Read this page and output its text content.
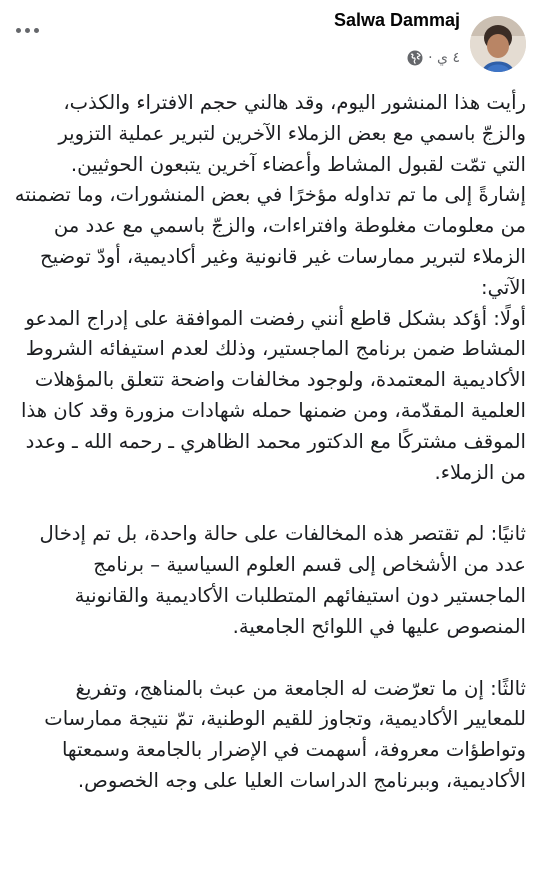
Salwa Dammaj
٤ ي ·

رأيت هذا المنشور اليوم، وقد هالني حجم الافتراء والكذب،

والزجّ باسمي مع بعض الزملاء الآخرين لتبرير عملية التزوير

التي تمّت لقبول المشاط وأعضاء آخرين يتبعون الحوثيين.

إشارةً إلى ما تم تداوله مؤخرًا في بعض المنشورات، وما تضمنته

من معلومات مغلوطة وافتراءات، والزجّ باسمي مع عدد من

الزملاء لتبرير ممارسات غير قانونية وغير أكاديمية، أودّ توضيح

الآتي:

أولًا: أؤكد بشكل قاطع أنني رفضت الموافقة على إدراج المدعو

المشاط ضمن برنامج الماجستير، وذلك لعدم استيفائه الشروط

الأكاديمية المعتمدة، ولوجود مخالفات واضحة تتعلق بالمؤهلات

العلمية المقدّمة، ومن ضمنها حمله شهادات مزورة وقد كان هذا

الموقف مشتركًا مع الدكتور محمد الظاهري ـ رحمه الله ـ وعدد

من الزملاء.

ثانيًا: لم تقتصر هذه المخالفات على حالة واحدة، بل تم إدخال

عدد من الأشخاص إلى قسم العلوم السياسية – برنامج

الماجستير دون استيفائهم المتطلبات الأكاديمية والقانونية

المنصوص عليها في اللوائح الجامعية.

ثالثًا: إن ما تعرّضت له الجامعة من عبث بالمناهج، وتفريغ

للمعايير الأكاديمية، وتجاوز للقيم الوطنية، تمّ نتيجة ممارسات

وتواطؤات معروفة، أسهمت في الإضرار بالجامعة وسمعتها

الأكاديمية، وببرنامج الدراسات العليا على وجه الخصوص.
